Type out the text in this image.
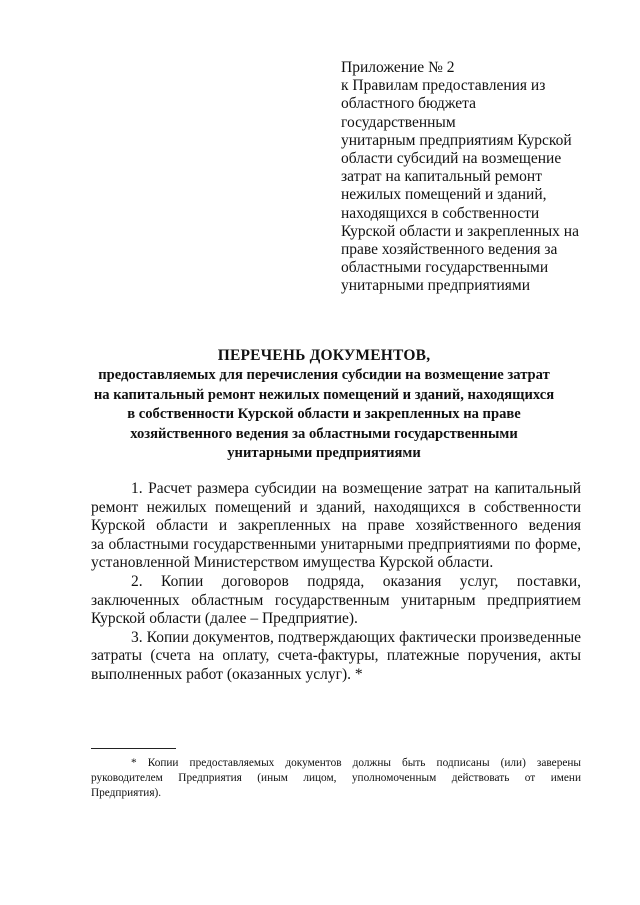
Приложение № 2
к Правилам предоставления из
областного бюджета
государственным
унитарным предприятиям Курской
области субсидий на возмещение
затрат на капитальный ремонт
нежилых помещений и зданий,
находящихся в собственности
Курской области и закрепленных на
праве хозяйственного ведения за
областными государственными
унитарными предприятиями
ПЕРЕЧЕНЬ ДОКУМЕНТОВ,
предоставляемых для перечисления субсидии на возмещение затрат
на капитальный ремонт нежилых помещений и зданий, находящихся
в собственности Курской области и закрепленных на праве
хозяйственного ведения за областными государственными
унитарными предприятиями
1. Расчет размера субсидии на возмещение затрат на капитальный
ремонт нежилых помещений и зданий, находящихся в собственности
Курской области и закрепленных на праве хозяйственного ведения
за областными государственными унитарными предприятиями по форме,
установленной Министерством имущества Курской области.
2. Копии договоров подряда, оказания услуг, поставки,
заключенных областным государственным унитарным предприятием
Курской области (далее – Предприятие).
3. Копии документов, подтверждающих фактически произведенные
затраты (счета на оплату, счета-фактуры, платежные поручения, акты
выполненных работ (оказанных услуг). *
* Копии предоставляемых документов должны быть подписаны (или) заверены
руководителем Предприятия (иным лицом, уполномоченным действовать от имени
Предприятия).
